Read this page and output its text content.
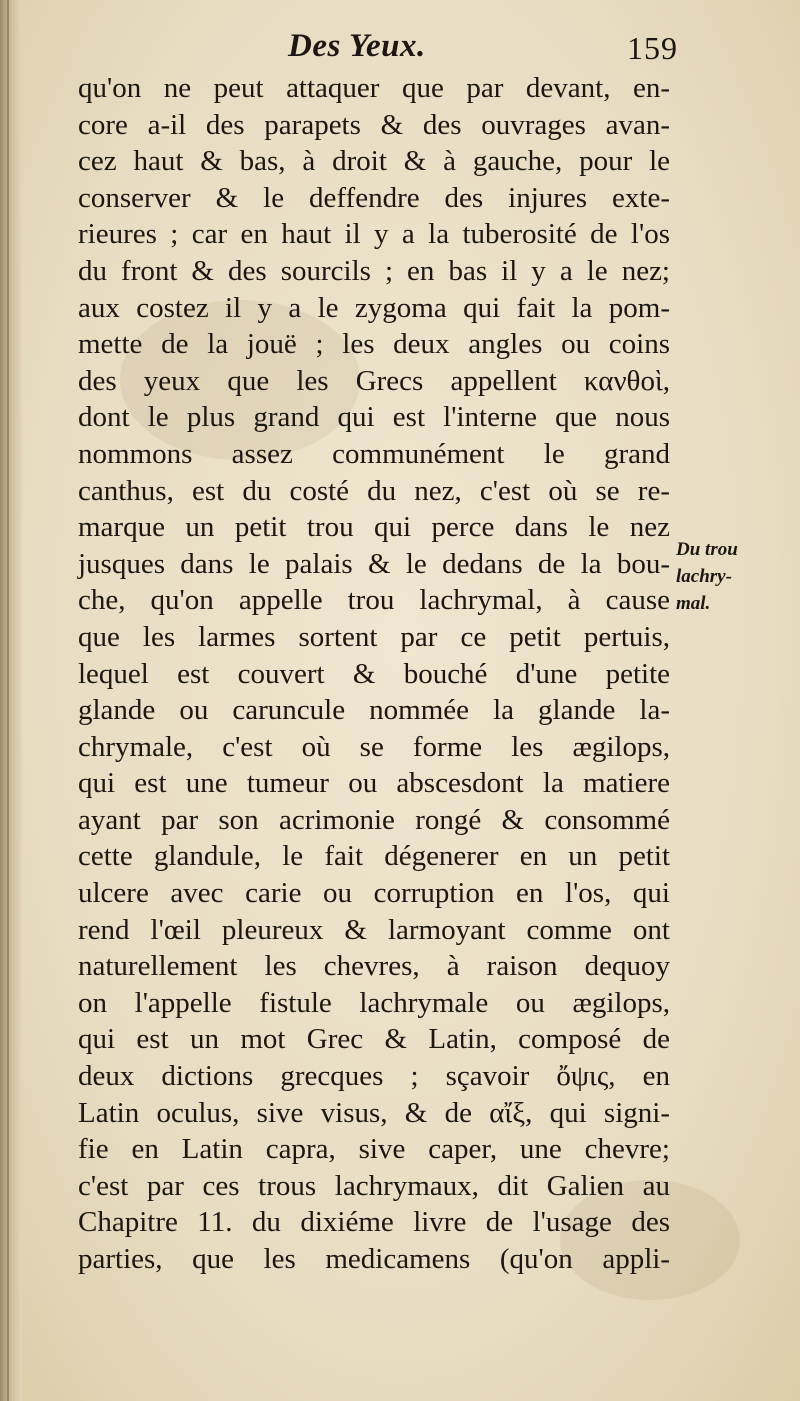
Des Yeux.	159
qu'on ne peut attaquer que par devant, en-
core a-il des parapets & des ouvrages avan-
cez haut & bas, à droit & à gauche, pour le
conserver & le deffendre des injures exte-
rieures ; car en haut il y a la tuberosité de l'os
du front & des sourcils ; en bas il y a le nez;
aux costez il y a le zygoma qui fait la pom-
mette de la jouë ; les deux angles ou coins
des yeux que les Grecs appellent κανθοὶ,
dont le plus grand qui est l'interne que nous
nommons assez communément le grand
canthus, est du costé du nez, c'est où se re-
marque un petit trou qui perce dans le nez
jusques dans le palais & le dedans de la bou-
che, qu'on appelle trou lachrymal, à cause
que les larmes sortent par ce petit pertuis,
lequel est couvert & bouché d'une petite
glande ou caruncule nommée la glande la-
chrymale, c'est où se forme les ægilops,
qui est une tumeur ou abscesdont la matiere
ayant par son acrimonie rongé & consommé
cette glandule, le fait dégenerer en un petit
ulcere avec carie ou corruption en l'os, qui
rend l'œil pleureux & larmoyant comme ont
naturellement les chevres, à raison dequoy
on l'appelle fistule lachrymale ou ægilops,
qui est un mot Grec & Latin, composé de
deux dictions grecques ; sçavoir ὄψις, en
Latin oculus, sive visus, & de αἴξ, qui signi-
fie en Latin capra, sive caper, une chevre;
c'est par ces trous lachrymaux, dit Galien au
Chapitre 11. du dixiéme livre de l'usage des
parties, que les medicamens (qu'on appli-
Du trou
lachry-
mal.
